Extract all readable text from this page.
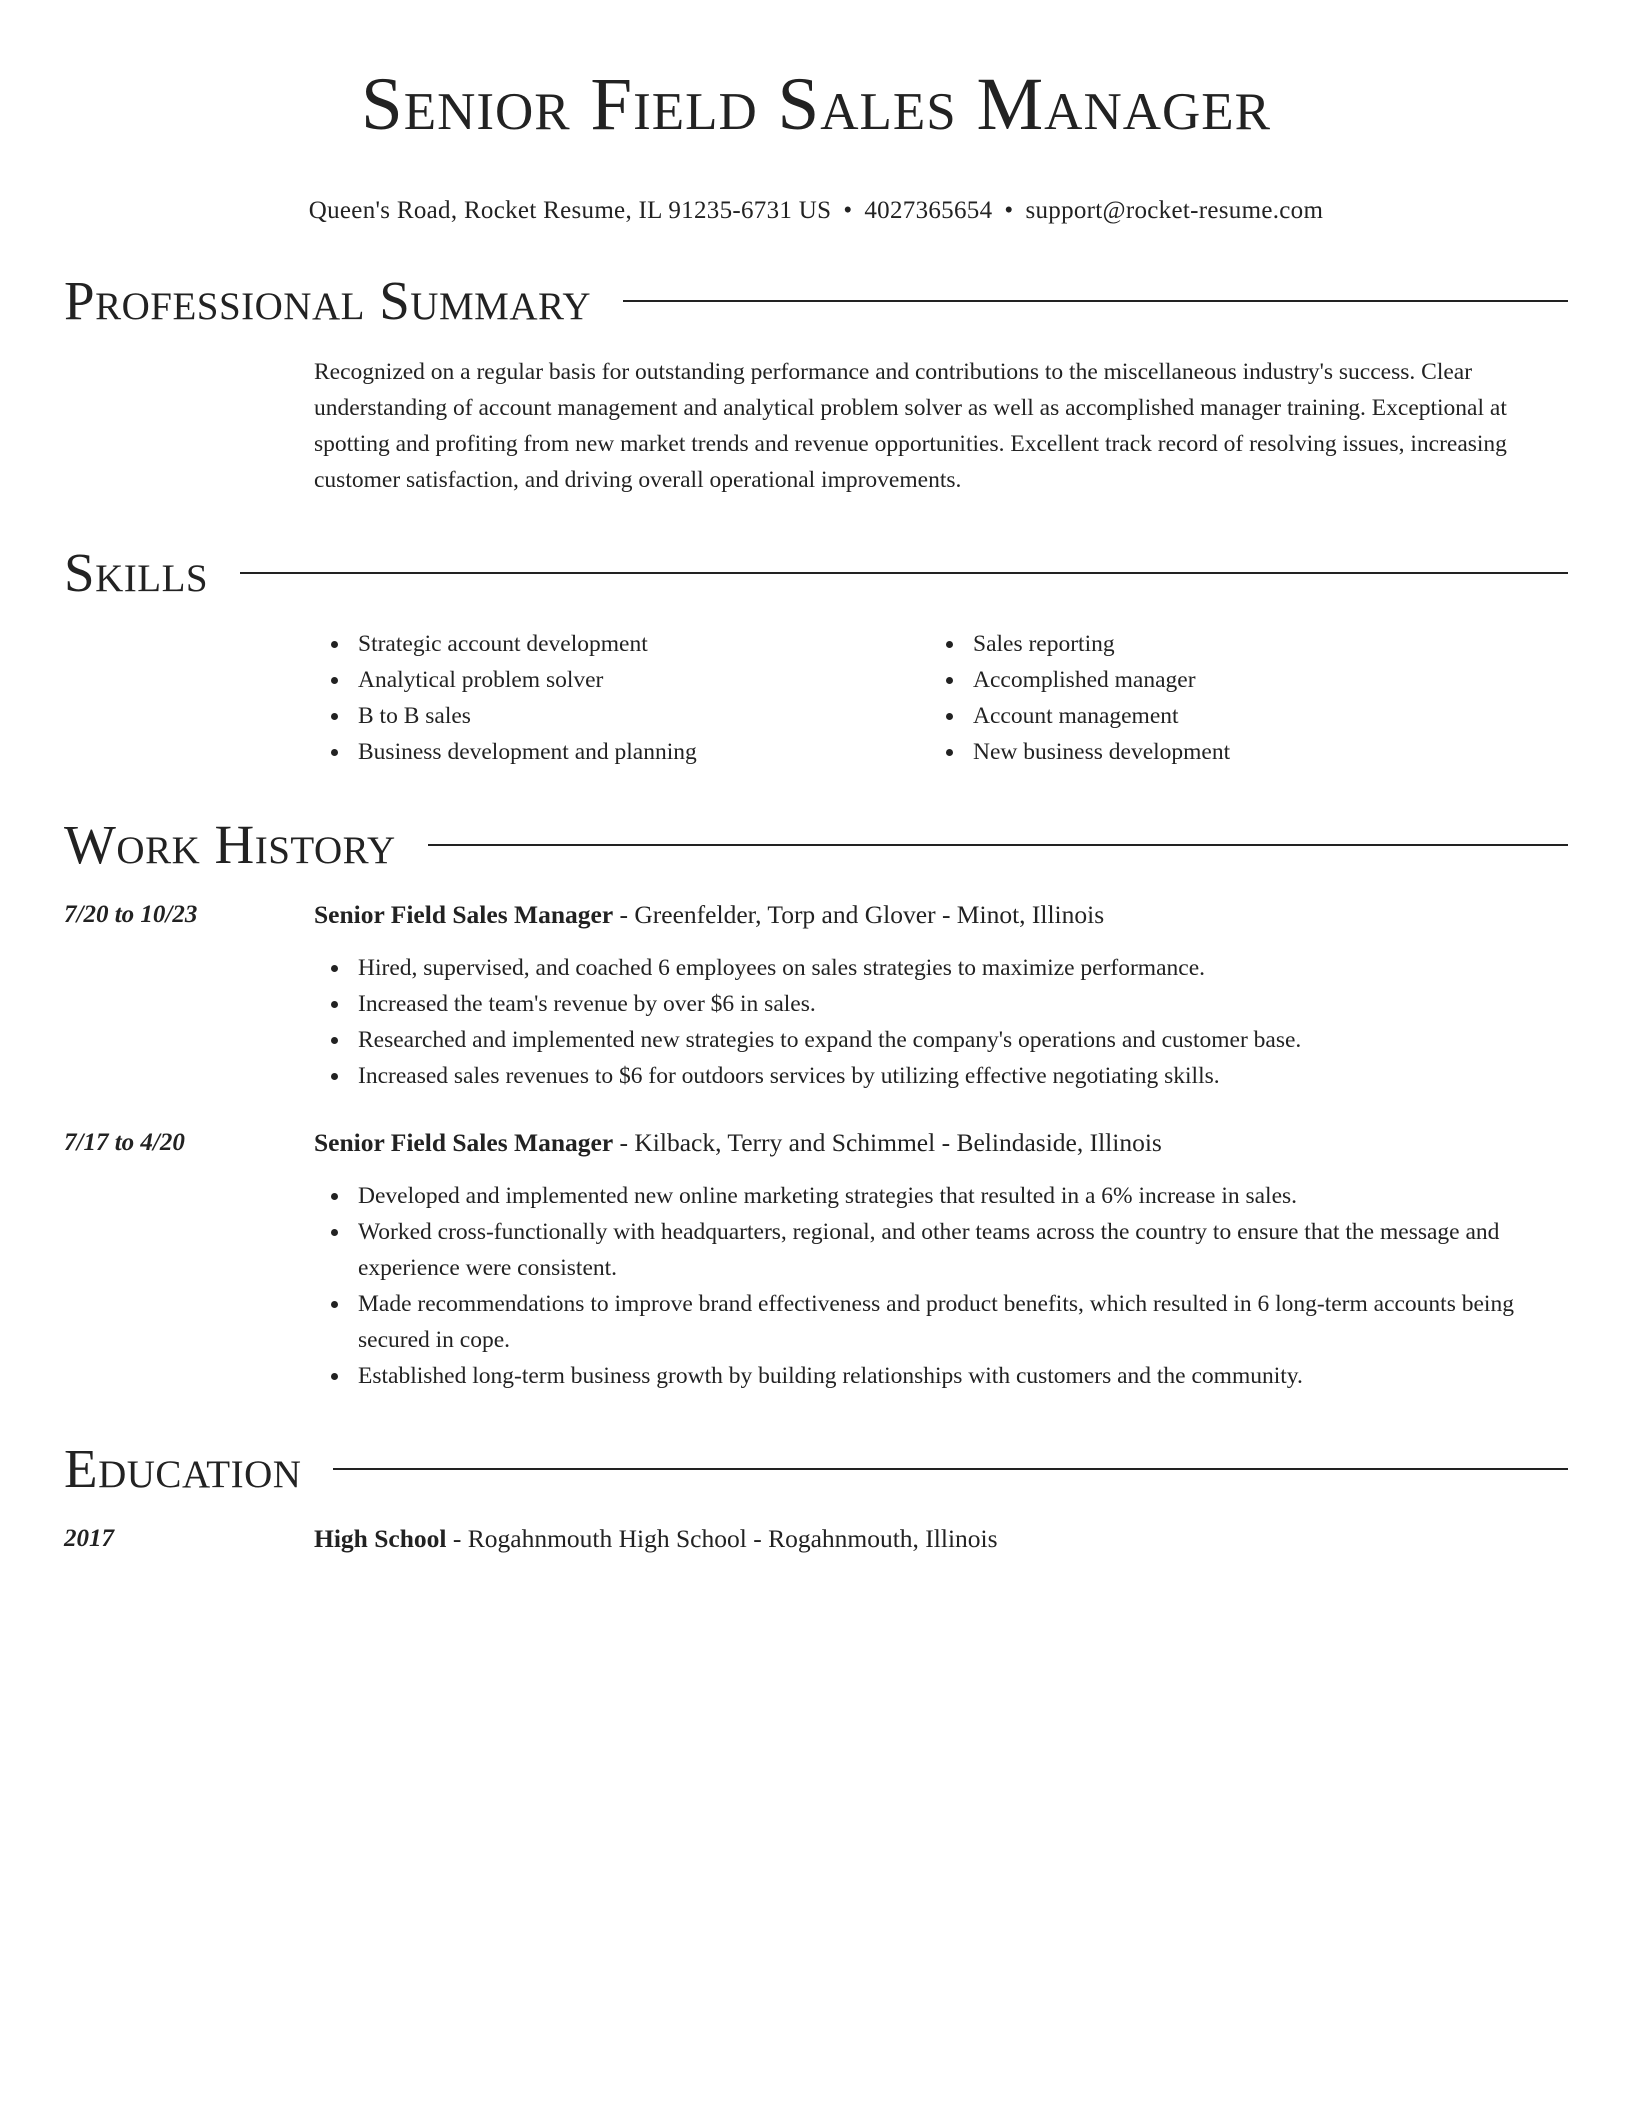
Senior Field Sales Manager
Queen's Road, Rocket Resume, IL 91235-6731 US • 4027365654 • support@rocket-resume.com
Professional Summary

Recognized on a regular basis for outstanding performance and contributions to the miscellaneous industry's success. Clear understanding of account management and analytical problem solver as well as accomplished manager training. Exceptional at spotting and profiting from new market trends and revenue opportunities. Excellent track record of resolving issues, increasing customer satisfaction, and driving overall operational improvements.

Skills
Strategic account development
Analytical problem solver
B to B sales
Business development and planning
Sales reporting
Accomplished manager
Account management
New business development
Work History
7/20 to 10/23	Senior Field Sales Manager - Greenfelder, Torp and Glover - Minot, Illinois
Hired, supervised, and coached 6 employees on sales strategies to maximize performance.
Increased the team's revenue by over $6 in sales.
Researched and implemented new strategies to expand the company's operations and customer base.
Increased sales revenues to $6 for outdoors services by utilizing effective negotiating skills.
7/17 to 4/20	Senior Field Sales Manager - Kilback, Terry and Schimmel - Belindaside, Illinois
Developed and implemented new online marketing strategies that resulted in a 6% increase in sales.
Worked cross-functionally with headquarters, regional, and other teams across the country to ensure that the message and experience were consistent.
Made recommendations to improve brand effectiveness and product benefits, which resulted in 6 long-term accounts being secured in cope.
Established long-term business growth by building relationships with customers and the community.
Education
2017	High School - Rogahnmouth High School - Rogahnmouth, Illinois
